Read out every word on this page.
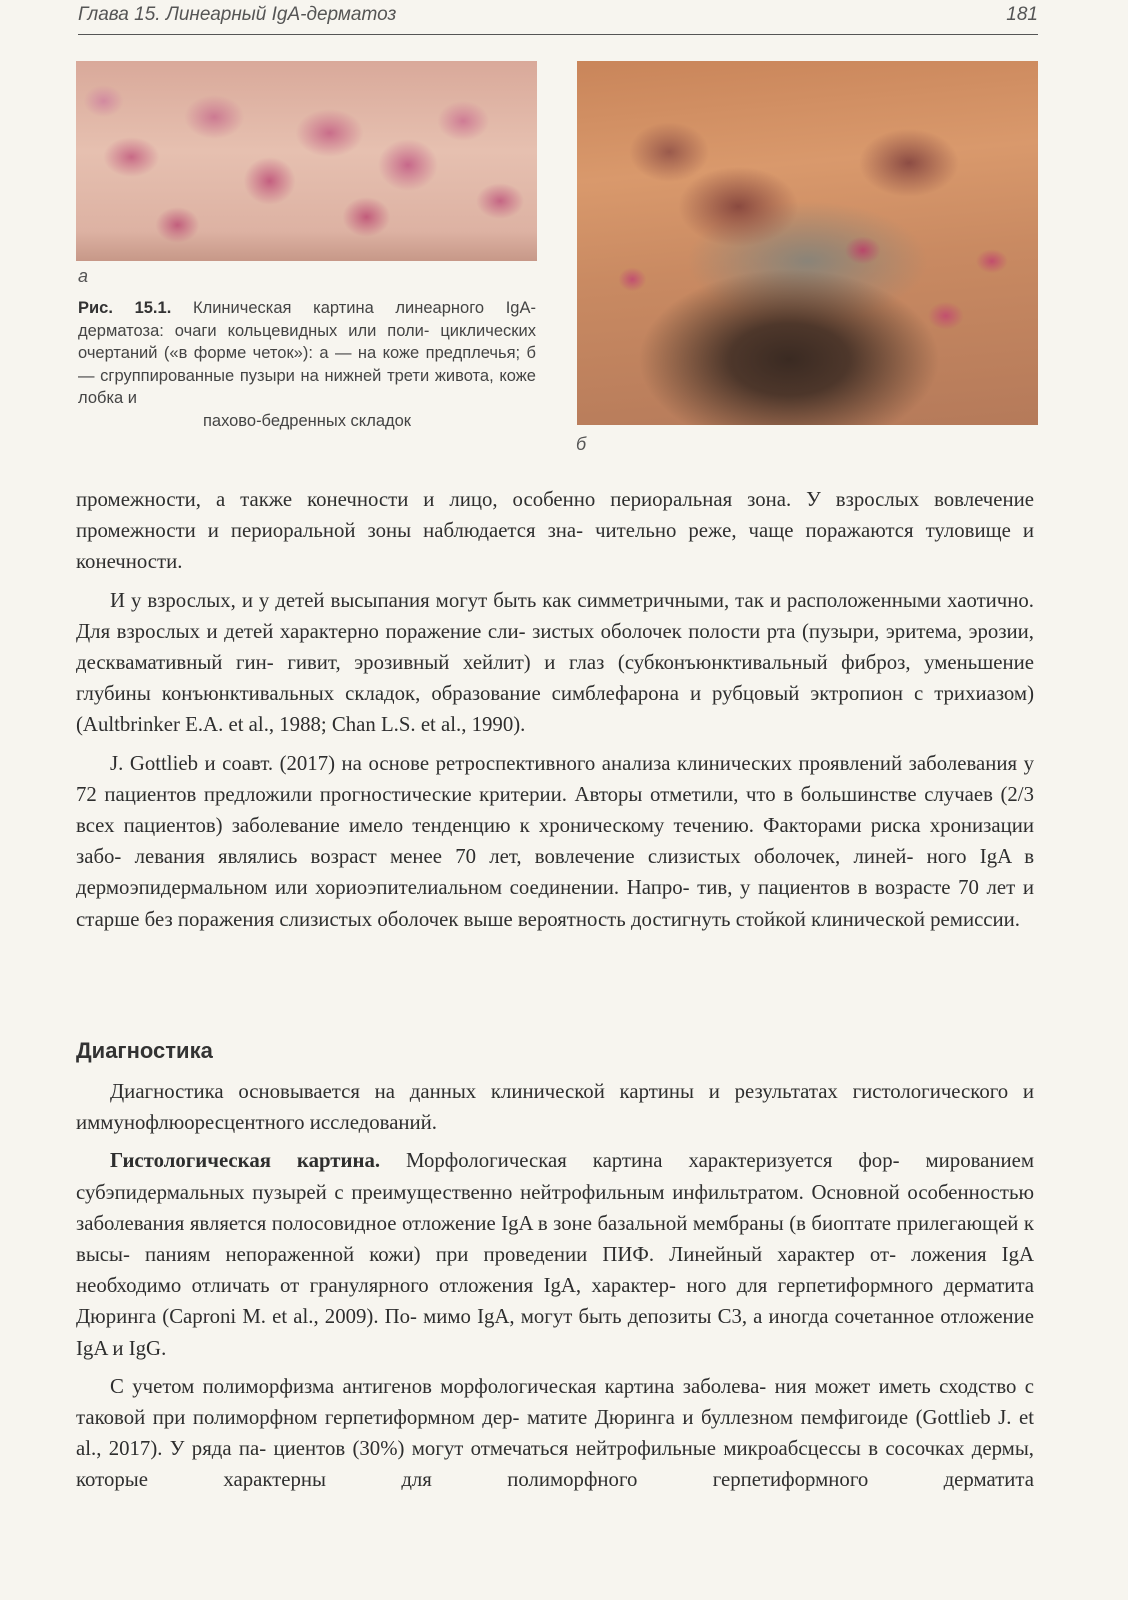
Глава 15. Линеарный IgA-дерматоз	181
а
б
Рис. 15.1. Клиническая картина линеарного IgA-дерматоза: очаги кольцевидных или поли- циклических очертаний («в форме четок»): а — на коже предплечья; б — сгруппированные пузыри на нижней трети живота, коже лобка и
пахово-бедренных складок

промежности, а также конечности и лицо, особенно периоральная зона. У взрослых вовлечение промежности и периоральной зоны наблюдается зна- чительно реже, чаще поражаются туловище и конечности.

И у взрослых, и у детей высыпания могут быть как симметричными, так и расположенными хаотично. Для взрослых и детей характерно поражение сли- зистых оболочек полости рта (пузыри, эритема, эрозии, десквамативный гин- гивит, эрозивный хейлит) и глаз (субконъюнктивальный фиброз, уменьшение глубины конъюнктивальных складок, образование симблефарона и рубцовый эктропион с трихиазом) (Aultbrinker E.A. et al., 1988; Chan L.S. et al., 1990).

J. Gottlieb и соавт. (2017) на основе ретроспективного анализа клинических проявлений заболевания у 72 пациентов предложили прогностические критерии. Авторы отметили, что в большинстве случаев (2/3 всех пациентов) заболевание имело тенденцию к хроническому течению. Факторами риска хронизации забо- левания являлись возраст менее 70 лет, вовлечение слизистых оболочек, линей- ного IgA в дермоэпидермальном или хориоэпителиальном соединении. Напро- тив, у пациентов в возрасте 70 лет и старше без поражения слизистых оболочек выше вероятность достигнуть стойкой клинической ремиссии.

Диагностика

Диагностика основывается на данных клинической картины и результатах гистологического и иммунофлюоресцентного исследований.

Гистологическая картина. Морфологическая картина характеризуется фор- мированием субэпидермальных пузырей с преимущественно нейтрофильным инфильтратом. Основной особенностью заболевания является полосовидное отложение IgA в зоне базальной мембраны (в биоптате прилегающей к высы- паниям непораженной кожи) при проведении ПИФ. Линейный характер от- ложения IgA необходимо отличать от гранулярного отложения IgA, характер- ного для герпетиформного дерматита Дюринга (Caproni M. et al., 2009). По- мимо IgA, могут быть депозиты С3, а иногда сочетанное отложение IgA и IgG.

С учетом полиморфизма антигенов морфологическая картина заболева- ния может иметь сходство с таковой при полиморфном герпетиформном дер- матите Дюринга и буллезном пемфигоиде (Gottlieb J. et al., 2017). У ряда па- циентов (30%) могут отмечаться нейтрофильные микроабсцессы в сосочках дермы, которые характерны для полиморфного герпетиформного дерматита
